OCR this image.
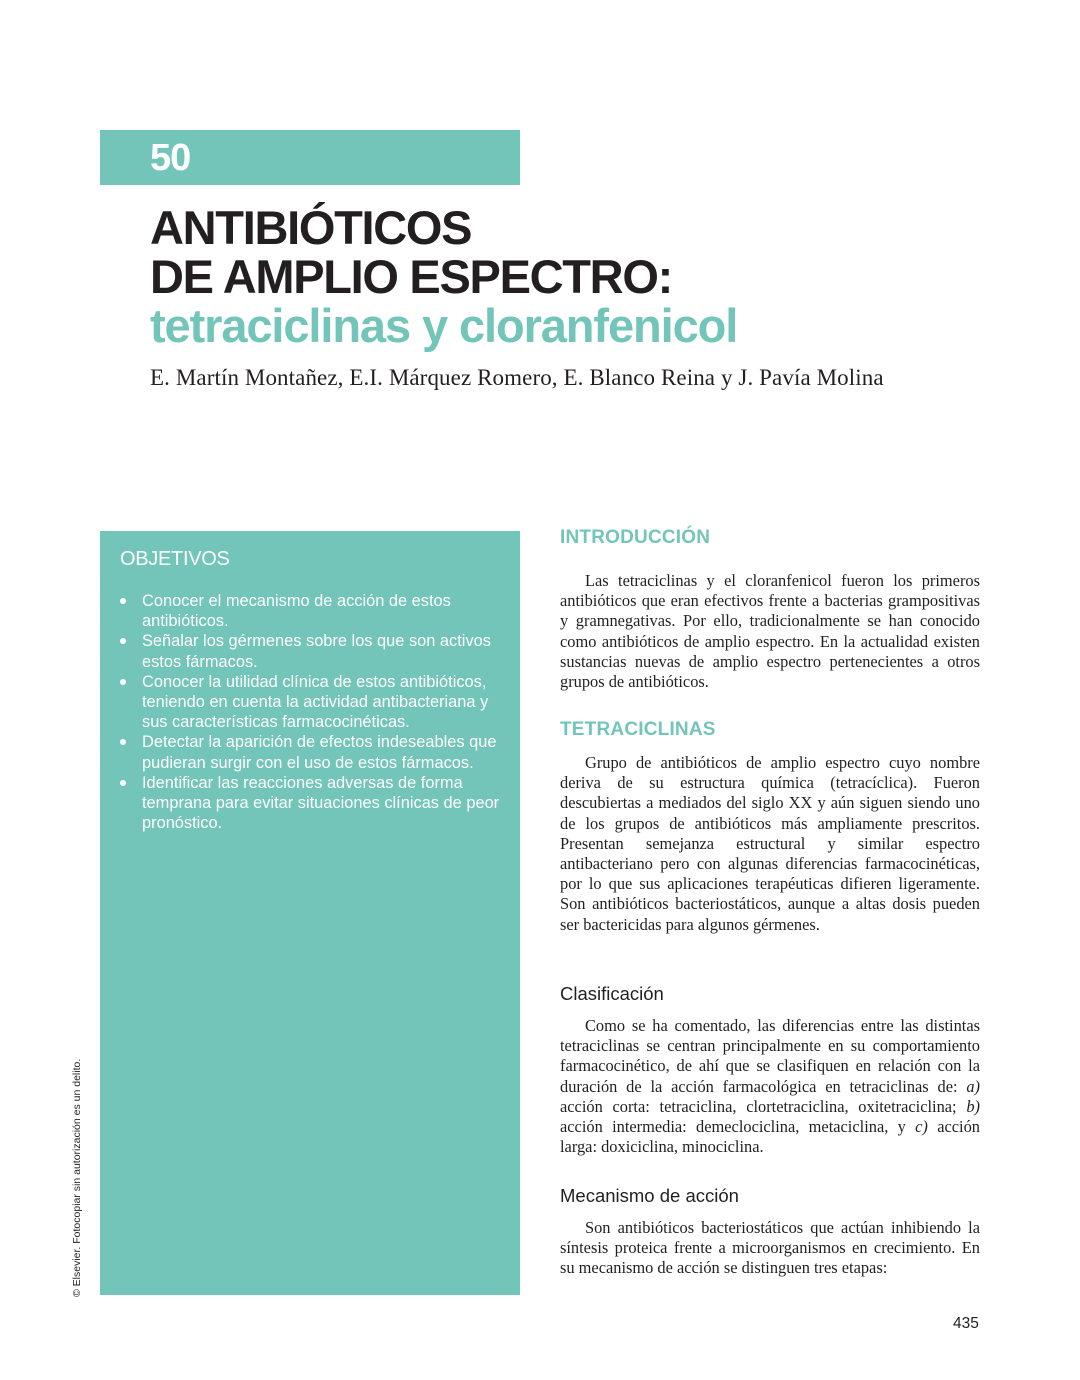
50
ANTIBIÓTICOS
DE AMPLIO ESPECTRO:
tetraciclinas y cloranfenicol
E. Martín Montañez, E.I. Márquez Romero, E. Blanco Reina y J. Pavía Molina
OBJETIVOS
Conocer el mecanismo de acción de estos antibióticos.
Señalar los gérmenes sobre los que son activos estos fármacos.
Conocer la utilidad clínica de estos antibióticos, teniendo en cuenta la actividad antibacteriana y sus características farmacocinéticas.
Detectar la aparición de efectos indeseables que pudieran surgir con el uso de estos fármacos.
Identificar las reacciones adversas de forma temprana para evitar situaciones clínicas de peor pronóstico.
© Elsevier. Fotocopiar sin autorización es un delito.
INTRODUCCIÓN

Las tetraciclinas y el cloranfenicol fueron los primeros antibióticos que eran efectivos frente a bacterias grampositivas y gramnegativas. Por ello, tradicionalmente se han conocido como antibióticos de amplio espectro. En la actualidad existen sustancias nuevas de amplio espectro pertenecientes a otros grupos de antibióticos.

TETRACICLINAS

Grupo de antibióticos de amplio espectro cuyo nombre deriva de su estructura química (tetracíclica). Fueron descubiertas a mediados del siglo XX y aún siguen siendo uno de los grupos de antibióticos más ampliamente prescritos. Presentan semejanza estructural y similar espectro antibacteriano pero con algunas diferencias farmacocinéticas, por lo que sus aplicaciones terapéuticas difieren ligeramente. Son antibióticos bacteriostáticos, aunque a altas dosis pueden ser bactericidas para algunos gérmenes.

Clasificación

Como se ha comentado, las diferencias entre las distintas tetraciclinas se centran principalmente en su comportamiento farmacocinético, de ahí que se clasifiquen en relación con la duración de la acción farmacológica en tetraciclinas de: a) acción corta: tetraciclina, clortetraciclina, oxitetraciclina; b) acción intermedia: demeclociclina, metaciclina, y c) acción larga: doxiciclina, minociclina.

Mecanismo de acción

Son antibióticos bacteriostáticos que actúan inhibiendo la síntesis proteica frente a microorganismos en crecimiento. En su mecanismo de acción se distinguen tres etapas:

435
